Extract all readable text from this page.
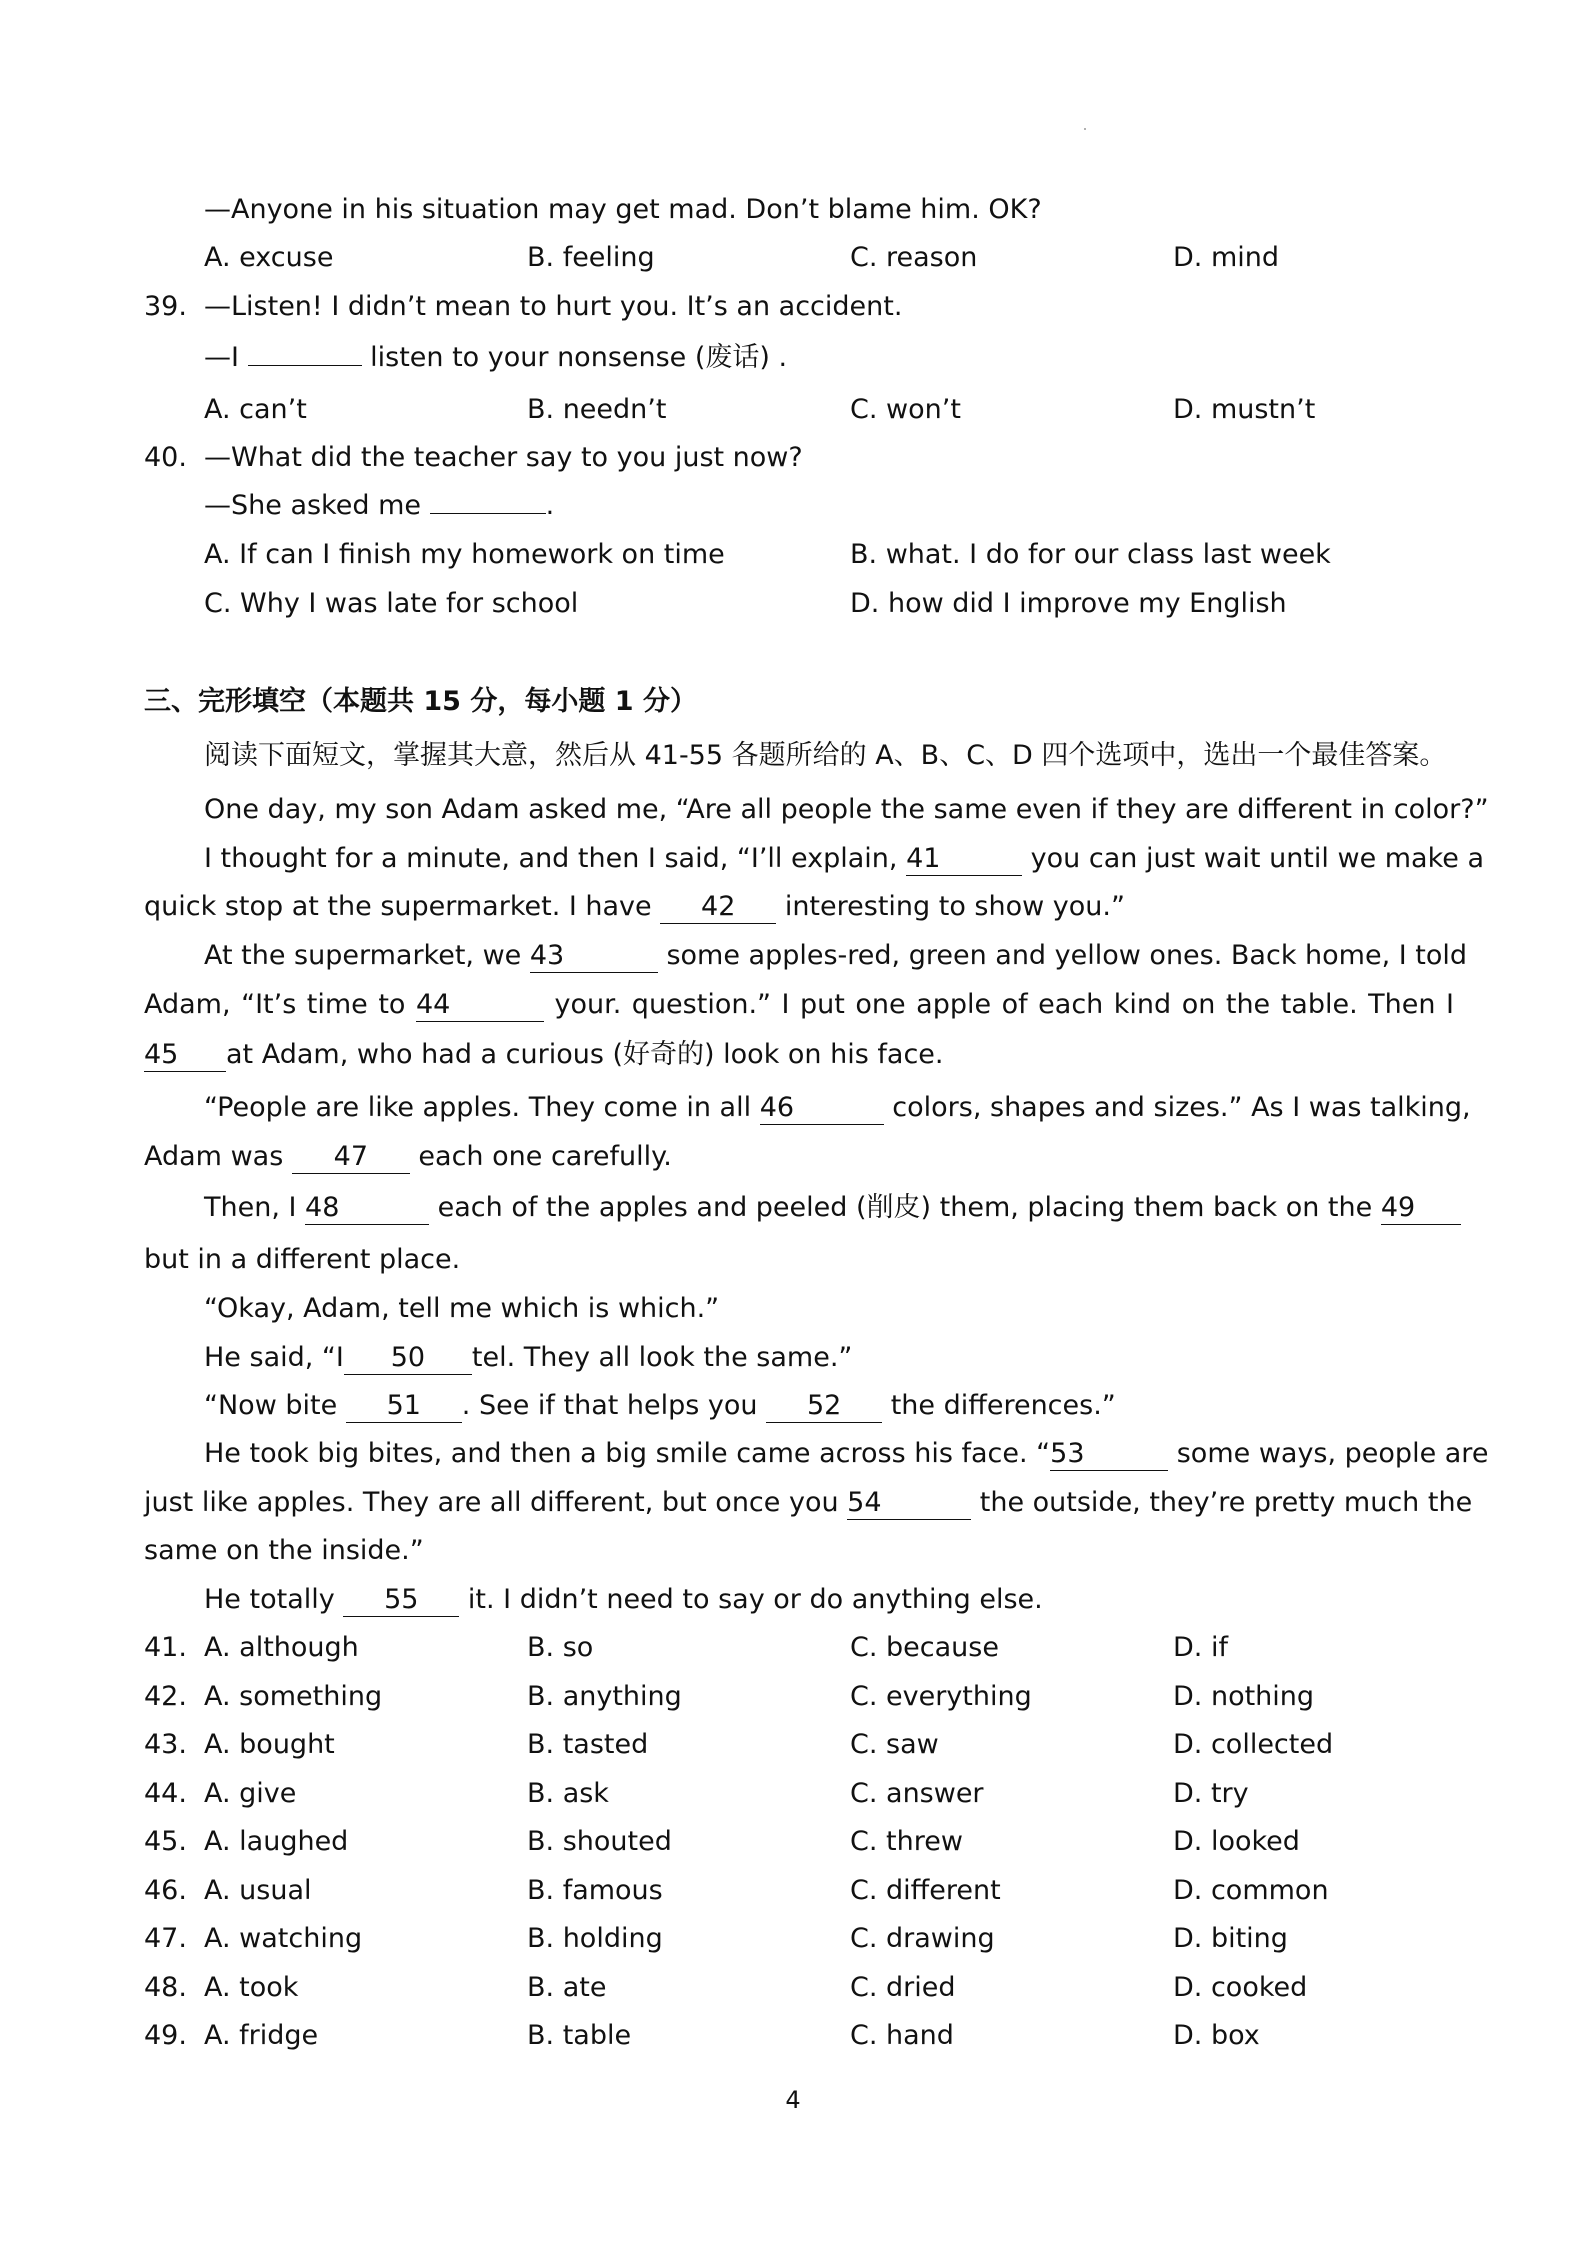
—Anyone in his situation may get mad. Don’t blame him. OK?
A. excuse	B. feeling	C. reason	D. mind
39. —Listen! I didn’t mean to hurt you. It’s an accident.
—I	listen to your nonsense (废话) .
A. can’t	B. needn’t	C. won’t	D. mustn’t
40. —What did the teacher say to you just now?
—She asked me	.
A. If can I finish my homework on time	B. what. I do for our class last week
C. Why I was late for school	D. how did I improve my English
三、完形填空（本题共 15 分，每小题 1 分）
阅读下面短文，掌握其大意，然后从 41-55 各题所给的 A、B、C、D 四个选项中，选出一个最佳答案。
One day, my son Adam asked me, “Are all people the same even if they are different in color?”
I thought for a minute, and then I said, “I’ll explain, 41	you can just wait until we make a
quick stop at the supermarket. I have 42 interesting to show you.”
At the supermarket, we 43	some apples-red, green and yellow ones. Back home, I told
Adam, “It’s time to 44	your. question.” I put one apple of each kind on the table. Then I
45 at Adam, who had a curious (好奇的) look on his face.
“People are like apples. They come in all 46	colors, shapes and sizes.” As I was talking,
Adam was 47 each one carefully.
Then, I 48	each of the apples and peeled (削皮) them, placing them back on the 49
but in a different place.
“Okay, Adam, tell me which is which.”
He said, “I 50 tel. They all look the same.”
“Now bite 51 . See if that helps you 52 the differences.”
He took big bites, and then a big smile came across his face. “53	some ways, people are
just like apples. They are all different, but once you 54	the outside, they’re pretty much the
same on the inside.”
He totally 55 it. I didn’t need to say or do anything else.
41. A. although	B. so	C. because	D. if
42. A. something	B. anything	C. everything	D. nothing
43. A. bought	B. tasted	C. saw	D. collected
44. A. give	B. ask	C. answer	D. try
45. A. laughed	B. shouted	C. threw	D. looked
46. A. usual	B. famous	C. different	D. common
47. A. watching	B. holding	C. drawing	D. biting
48. A. took	B. ate	C. dried	D. cooked
49. A. fridge	B. table	C. hand	D. box
4
